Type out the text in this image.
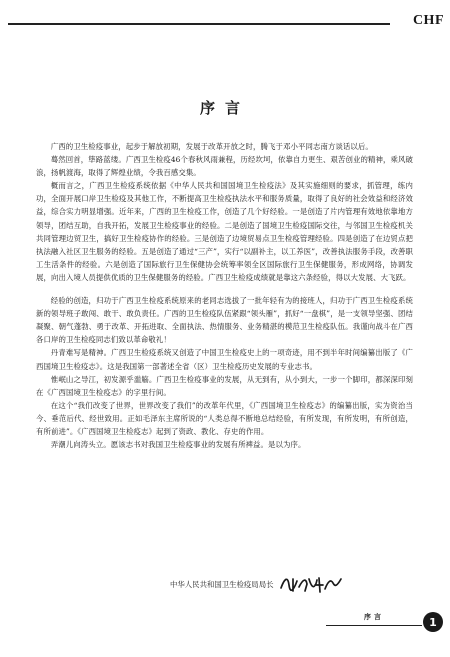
CHF
序言

广西的卫生检疫事业，起步于解放初期，发展于改革开放之时，腾飞于邓小平同志南方谈话以后。

蓦然回首，筚路蓝缕。广西卫生检疫46个春秋风雨兼程，历经坎坷，依靠自力更生、艰苦创业的精神，乘风破浪，扬帆渡海，取得了辉煌业绩，令我百感交集。

概而言之，广西卫生检疫系统依据《中华人民共和国国境卫生检疫法》及其实施细则的要求，抓管理，练内功，全面开展口岸卫生检疫及其他工作，不断提高卫生检疫执法水平和服务质量，取得了良好的社会效益和经济效益，综合实力明显增强。近年来，广西的卫生检疫工作，创造了几个好经验。一是创造了片内管理有效地依靠地方领导，团结互助，自我开拓，发展卫生检疫事业的经验。二是创造了国境卫生检疫国际交往，与邻国卫生检疫机关共同管理边贸卫生，搞好卫生检疫协作的经验。三是创造了边境贸易点卫生检疫管理经验。四是创造了在边贸点把执法融入社区卫生服务的经验。五是创造了通过“三产”，实行“以副补主，以工养医”，改善执法服务手段，改善职工生活条件的经验。六是创造了国际旅行卫生保健协会统筹率领全区国际旅行卫生保健服务，形成网络，协调发展，向出入境人员提供优质的卫生保健服务的经验。广西卫生检疫成绩就是靠这六条经验，得以大发展、大飞跃。

经验的创造，归功于广西卫生检疫系统原来的老同志选拔了一批年轻有为的接班人，归功于广西卫生检疫系统新的领导班子敢闯、敢干、敢负责任。广西的卫生检疫队伍紧跟“领头雁”，抓好“一盘棋”，是一支领导坚强、团结凝聚、朝气蓬勃、勇于改革、开拓进取、全面执法、热情服务、业务精湛的模范卫生检疫队伍。我谨向战斗在广西各口岸的卫生检疫同志们致以革命敬礼！

丹青难写是精神。广西卫生检疫系统又创造了中国卫生检疫史上的一项奇迹，用不到半年时间编纂出版了《广西国境卫生检疫志》。这是我国第一部著述全省（区）卫生检疫历史发展的专业志书。

惟岷山之导江，初发源乎滥觞。广西卫生检疫事业的发展，从无到有，从小到大，一步一个脚印，都深深印刻在《广西国境卫生检疫志》的字里行间。

在这个“我们改变了世界，世界改变了我们”的改革年代里，《广西国境卫生检疫志》的编纂出版，实为资治当今、垂范后代、经世致用。正如毛泽东主席所说的“人类总得不断地总结经验，有所发现，有所发明，有所创造，有所前进”。《广西国境卫生检疫志》起到了资政、教化、存史的作用。

弄潮儿向涛头立。愿该志书对我国卫生检疫事业的发展有所裨益。是以为序。

中华人民共和国卫生检疫局局长
序言	1
